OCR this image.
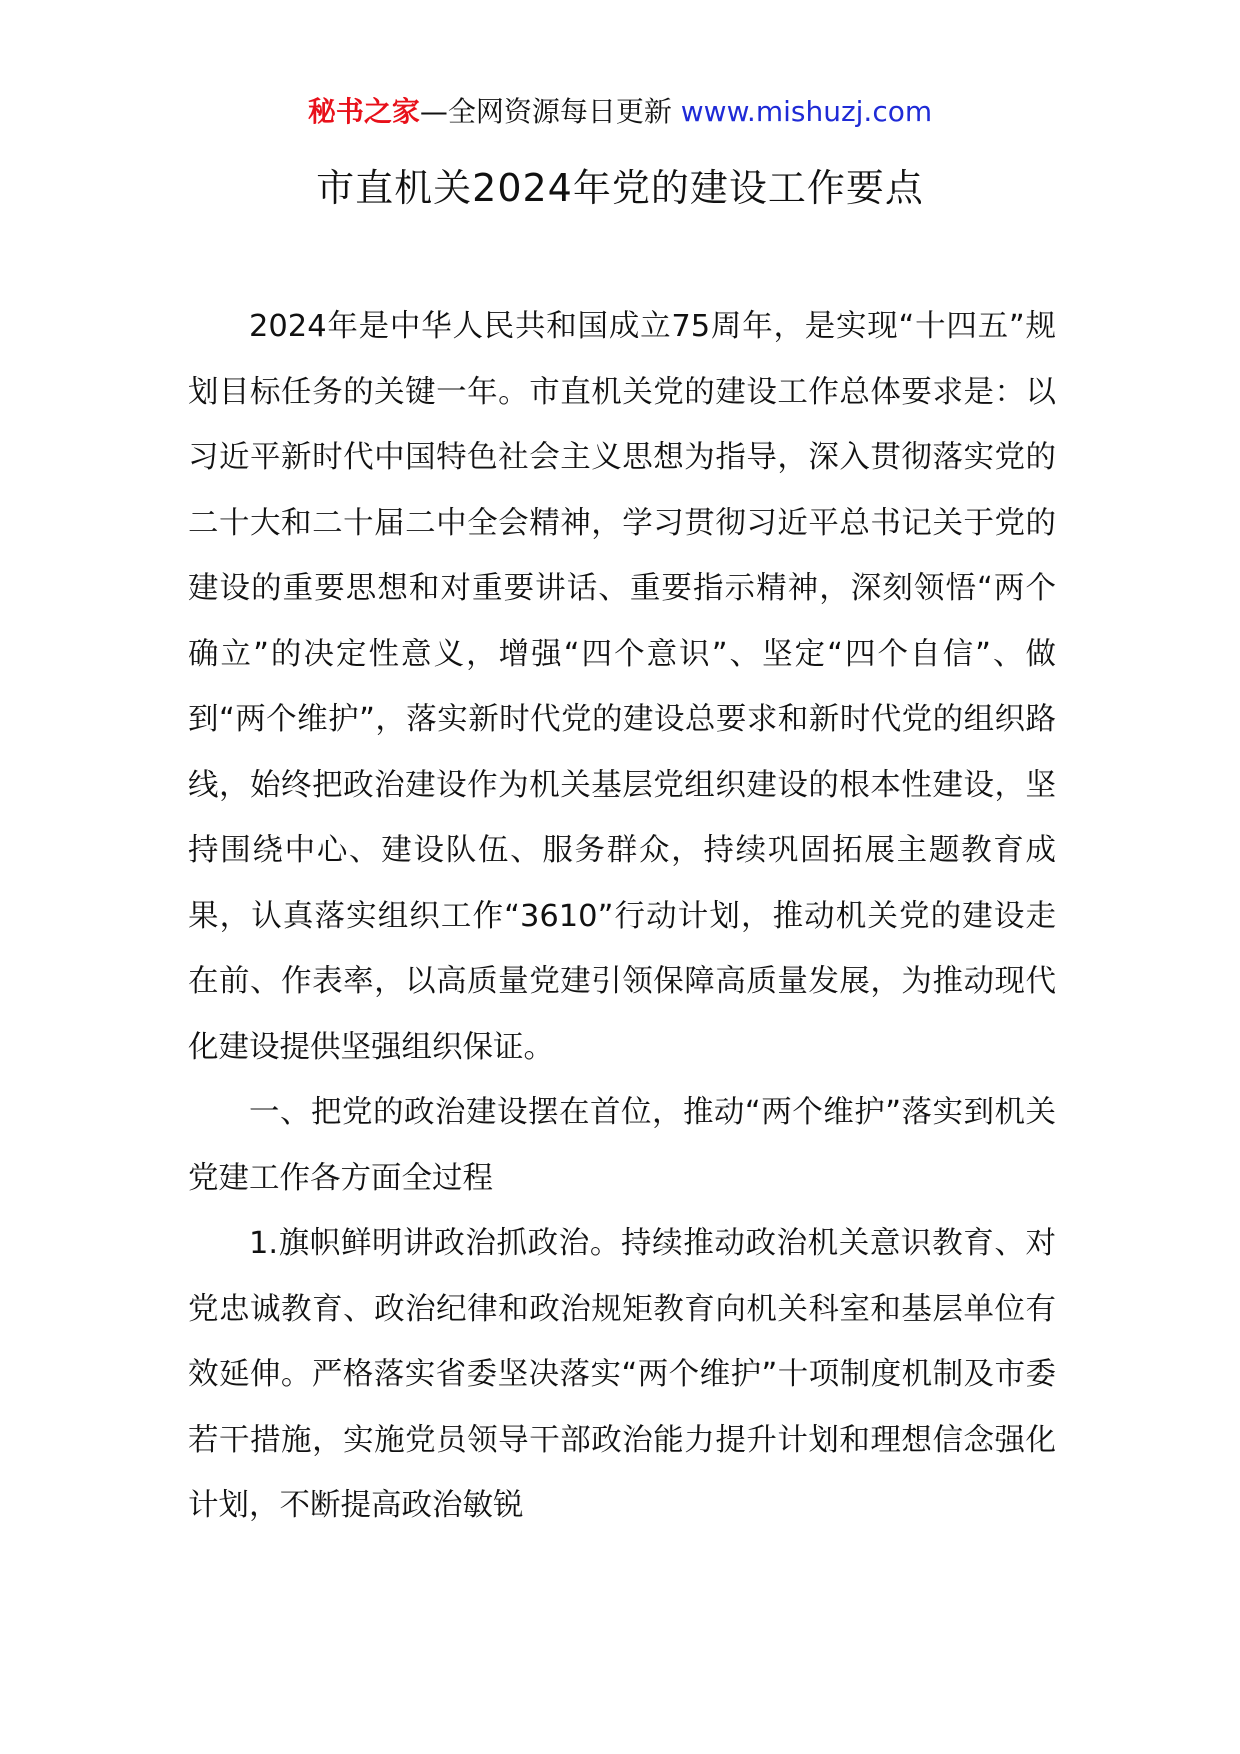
秘书之家—全网资源每日更新 www.mishuzj.com
市直机关2024年党的建设工作要点

2024年是中华人民共和国成立75周年，是实现“十四五”规划目标任务的关键一年。市直机关党的建设工作总体要求是：以习近平新时代中国特色社会主义思想为指导，深入贯彻落实党的二十大和二十届二中全会精神，学习贯彻习近平总书记关于党的建设的重要思想和对重要讲话、重要指示精神，深刻领悟“两个确立”的决定性意义，增强“四个意识”、坚定“四个自信”、做到“两个维护”，落实新时代党的建设总要求和新时代党的组织路线，始终把政治建设作为机关基层党组织建设的根本性建设，坚持围绕中心、建设队伍、服务群众，持续巩固拓展主题教育成果，认真落实组织工作“3610”行动计划，推动机关党的建设走在前、作表率，以高质量党建引领保障高质量发展，为推动现代化建设提供坚强组织保证。

一、把党的政治建设摆在首位，推动“两个维护”落实到机关党建工作各方面全过程

1.旗帜鲜明讲政治抓政治。持续推动政治机关意识教育、对党忠诚教育、政治纪律和政治规矩教育向机关科室和基层单位有效延伸。严格落实省委坚决落实“两个维护”十项制度机制及市委若干措施，实施党员领导干部政治能力提升计划和理想信念强化计划，不断提高政治敏锐
